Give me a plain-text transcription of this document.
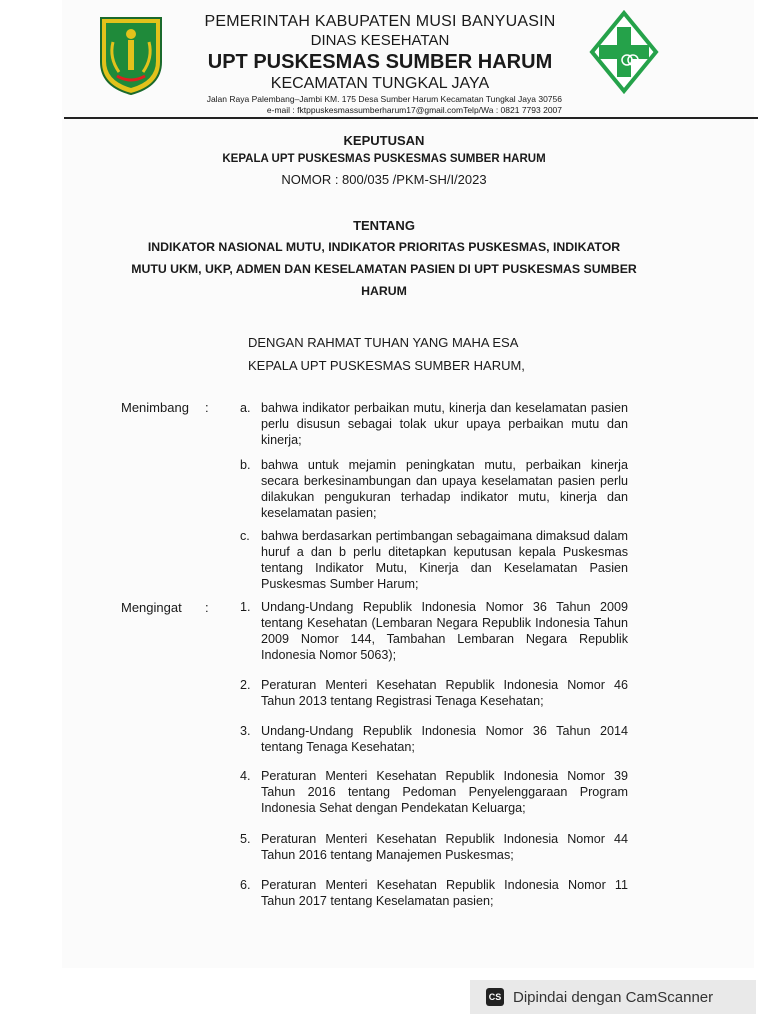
PEMERINTAH KABUPATEN MUSI BANYUASIN
DINAS KESEHATAN
UPT PUSKESMAS SUMBER HARUM
KECAMATAN TUNGKAL JAYA
Jalan Raya Palembang–Jambi KM. 175 Desa Sumber Harum Kecamatan Tungkal Jaya 30756
e-mail : fktppuskesmassumberharum17@gmail.comTelp/Wa : 0821 7793 2007
KEPUTUSAN
KEPALA UPT PUSKESMAS PUSKESMAS SUMBER HARUM
NOMOR : 800/035 /PKM-SH/I/2023
TENTANG
INDIKATOR NASIONAL MUTU, INDIKATOR PRIORITAS PUSKESMAS, INDIKATOR
MUTU UKM, UKP, ADMEN DAN KESELAMATAN PASIEN DI UPT PUSKESMAS SUMBER
HARUM
DENGAN RAHMAT TUHAN YANG MAHA ESA
KEPALA UPT PUSKESMAS SUMBER HARUM,
Menimbang : a. bahwa indikator perbaikan mutu, kinerja dan keselamatan pasien perlu disusun sebagai tolak ukur upaya perbaikan mutu dan kinerja;
b. bahwa untuk mejamin peningkatan mutu, perbaikan kinerja secara berkesinambungan dan upaya keselamatan pasien perlu dilakukan pengukuran terhadap indikator mutu, kinerja dan keselamatan pasien;
c. bahwa berdasarkan pertimbangan sebagaimana dimaksud dalam huruf a dan b perlu ditetapkan keputusan kepala Puskesmas tentang Indikator Mutu, Kinerja dan Keselamatan Pasien Puskesmas Sumber Harum;
Mengingat : 1. Undang-Undang Republik Indonesia Nomor 36 Tahun 2009 tentang Kesehatan (Lembaran Negara Republik Indonesia Tahun 2009 Nomor 144, Tambahan Lembaran Negara Republik Indonesia Nomor 5063);
2. Peraturan Menteri Kesehatan Republik Indonesia Nomor 46 Tahun 2013 tentang Registrasi Tenaga Kesehatan;
3. Undang-Undang Republik Indonesia Nomor 36 Tahun 2014 tentang Tenaga Kesehatan;
4. Peraturan Menteri Kesehatan Republik Indonesia Nomor 39 Tahun 2016 tentang Pedoman Penyelenggaraan Program Indonesia Sehat dengan Pendekatan Keluarga;
5. Peraturan Menteri Kesehatan Republik Indonesia Nomor 44 Tahun 2016 tentang Manajemen Puskesmas;
6. Peraturan Menteri Kesehatan Republik Indonesia Nomor 11 Tahun 2017 tentang Keselamatan pasien;
CS Dipindai dengan CamScanner
